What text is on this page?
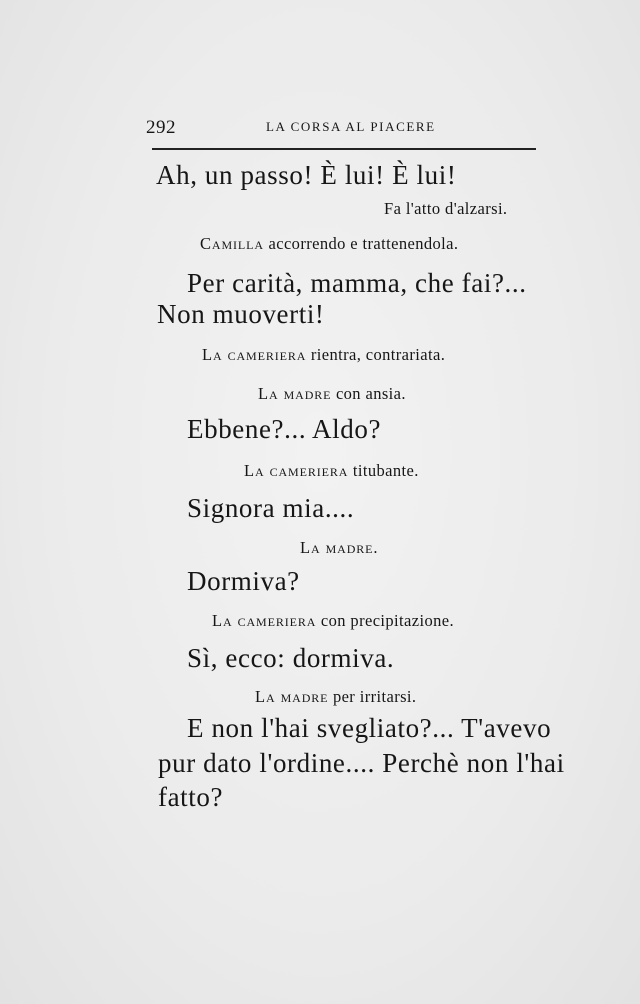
292	LA CORSA AL PIACERE
Ah, un passo! È lui! È lui!
Fa l'atto d'alzarsi.
Camilla accorrendo e trattenendola.
Per carità, mamma, che fai?...
Non muoverti!
La cameriera rientra, contrariata.
La madre con ansia.
Ebbene?... Aldo?
La cameriera titubante.
Signora mia....
La madre.
Dormiva?
La cameriera con precipitazione.
Sì, ecco: dormiva.
La madre per irritarsi.
E non l'hai svegliato?... T'avevo
pur dato l'ordine.... Perchè non l'hai
fatto?
